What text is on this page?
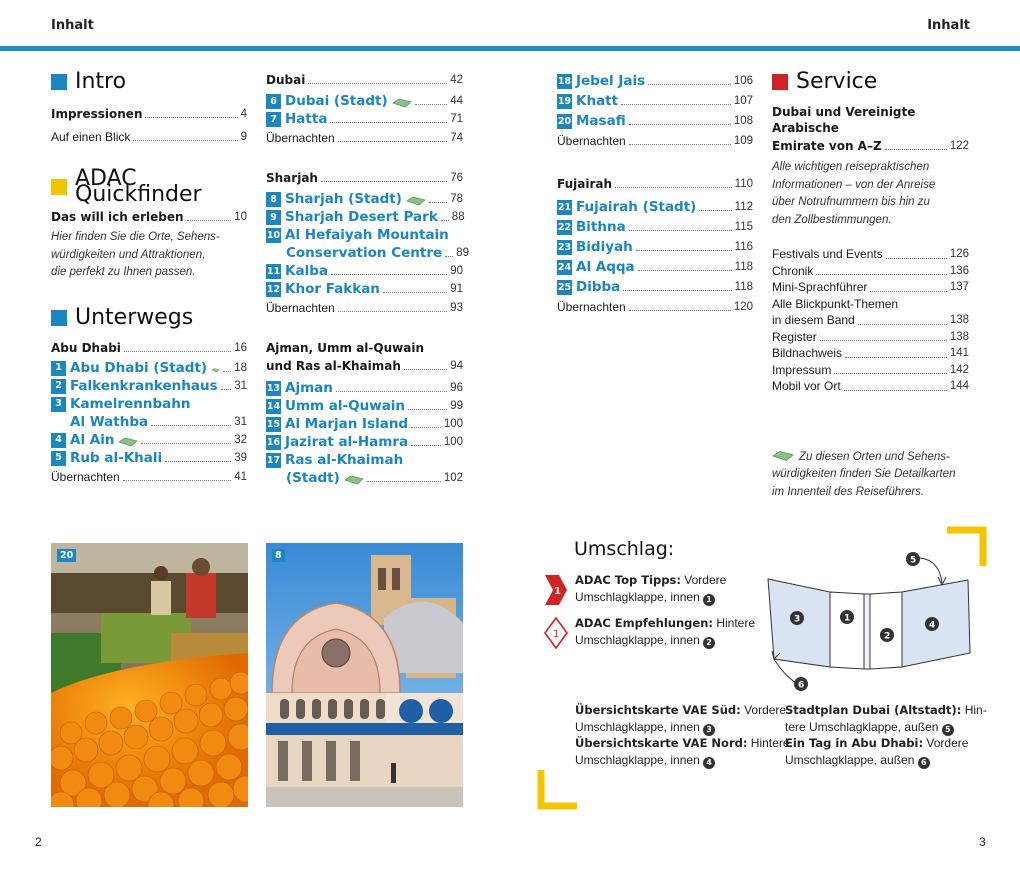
Inhalt	Inhalt
Intro
Impressionen	4
Auf einen Blick	9
ADAC Quickfinder
Das will ich erleben	10
Hier finden Sie die Orte, Sehens-
würdigkeiten und Attraktionen,
die perfekt zu Ihnen passen.
Unterwegs
Abu Dhabi	16
1 Abu Dhabi (Stadt) 18
2 Falkenkrankenhaus 31
3 Kamelrennbahn
Al Wathba	31
4 Al Ain	32
5 Rub al-Khali	39
Übernachten	41
Dubai	42
6 Dubai (Stadt)	44
7 Hatta	71
Übernachten	74
Sharjah	76
8 Sharjah (Stadt)	78
9 Sharjah Desert Park 88
10 Al Hefaiyah Mountain
Conservation Centre 89
11 Kalba	90
12 Khor Fakkan	91
Übernachten	93
Ajman, Umm al-Quwain
und Ras al-Khaimah	94
13 Ajman	96
14 Umm al-Quwain	99
15 Al Marjan Island	100
16 Jazirat al-Hamra	100
17 Ras al-Khaimah
(Stadt)	102
18 Jebel Jais	106
19 Khatt	107
20 Masafi	108
Übernachten	109
Fujairah	110
21 Fujairah (Stadt)	112
22 Bithna	115
23 Bidiyah	116
24 Al Aqqa	118
25 Dibba	118
Übernachten	120
Service
Dubai und Vereinigte Arabische
Emirate von A–Z	122
Alle wichtigen reisepraktischen
Informationen – von der Anreise
über Notrufnummern bis hin zu
den Zollbestimmungen.
Festivals und Events	126
Chronik	136
Mini-Sprachführer	137
Alle Blickpunkt-Themen
in diesem Band	138
Register	138
Bildnachweis	141
Impressum	142
Mobil vor Ort	144
Zu diesen Orten und Sehens-
würdigkeiten finden Sie Detailkarten
im Innenteil des Reiseführers.
20	8	Umschlag:
1
ADAC Top Tipps: Vordere
Umschlagklappe, innen 1
1
ADAC Empfehlungen: Hintere
Umschlagklappe, innen 2
5
3	1
2
4
6
Übersichtskarte VAE Süd: Vordere
Umschlagklappe, innen 3
Übersichtskarte VAE Nord: Hintere
Umschlagklappe, innen 4
Stadtplan Dubai (Altstadt): Hin-
tere Umschlagklappe, außen 5
Ein Tag in Abu Dhabi: Vordere
Umschlagklappe, außen 6
2	3
